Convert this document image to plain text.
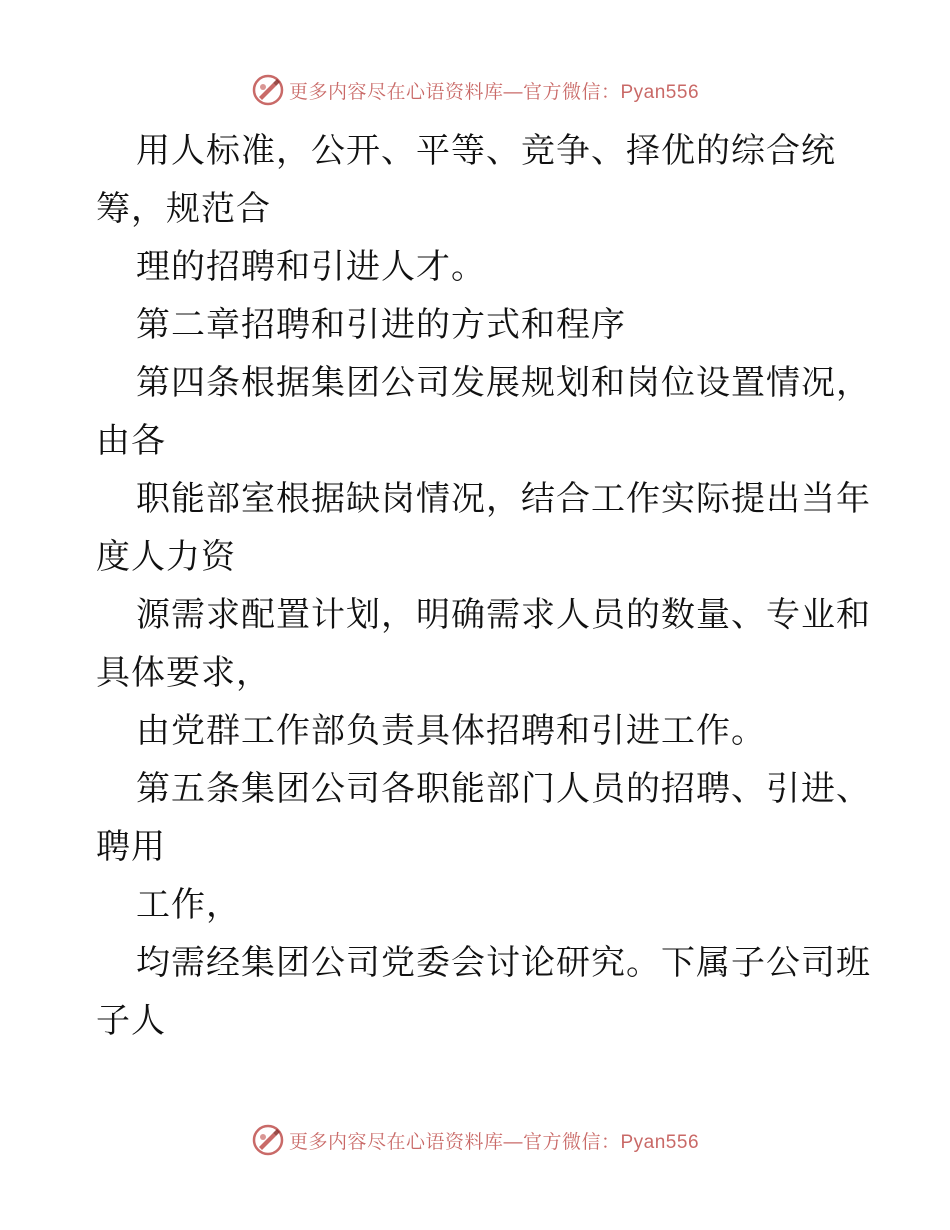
更多内容尽在心语资料库—官方微信：Pyan556
用人标准，公开、平等、竞争、择优的综合统
筹，规范合
理的招聘和引进人才。
第二章招聘和引进的方式和程序
第四条根据集团公司发展规划和岗位设置情况，
由各
职能部室根据缺岗情况，结合工作实际提出当年
度人力资
源需求配置计划，明确需求人员的数量、专业和
具体要求，
由党群工作部负责具体招聘和引进工作。
第五条集团公司各职能部门人员的招聘、引进、
聘用
工作，
均需经集团公司党委会讨论研究。下属子公司班
子人
更多内容尽在心语资料库—官方微信：Pyan556
